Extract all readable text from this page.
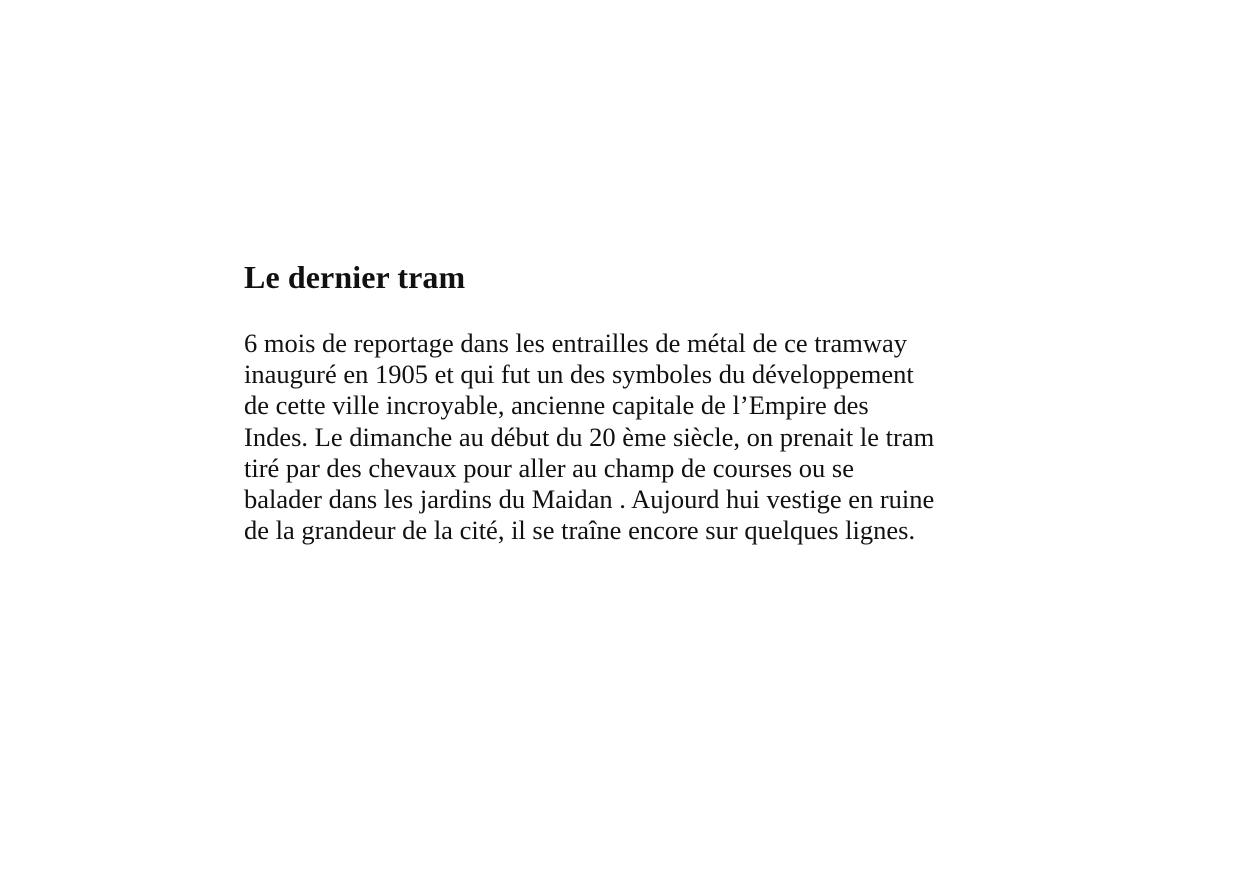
Le dernier tram

6 mois de reportage dans les entrailles de métal de ce tramway
inauguré en 1905 et qui fut un des symboles du développement
de cette ville incroyable, ancienne capitale de l’Empire des
Indes. Le dimanche au début du 20 ème siècle, on prenait le tram
tiré par des chevaux pour aller au champ de courses ou se
balader dans les jardins du Maidan . Aujourd hui vestige en ruine
de la grandeur de la cité, il se traîne encore sur quelques lignes.
